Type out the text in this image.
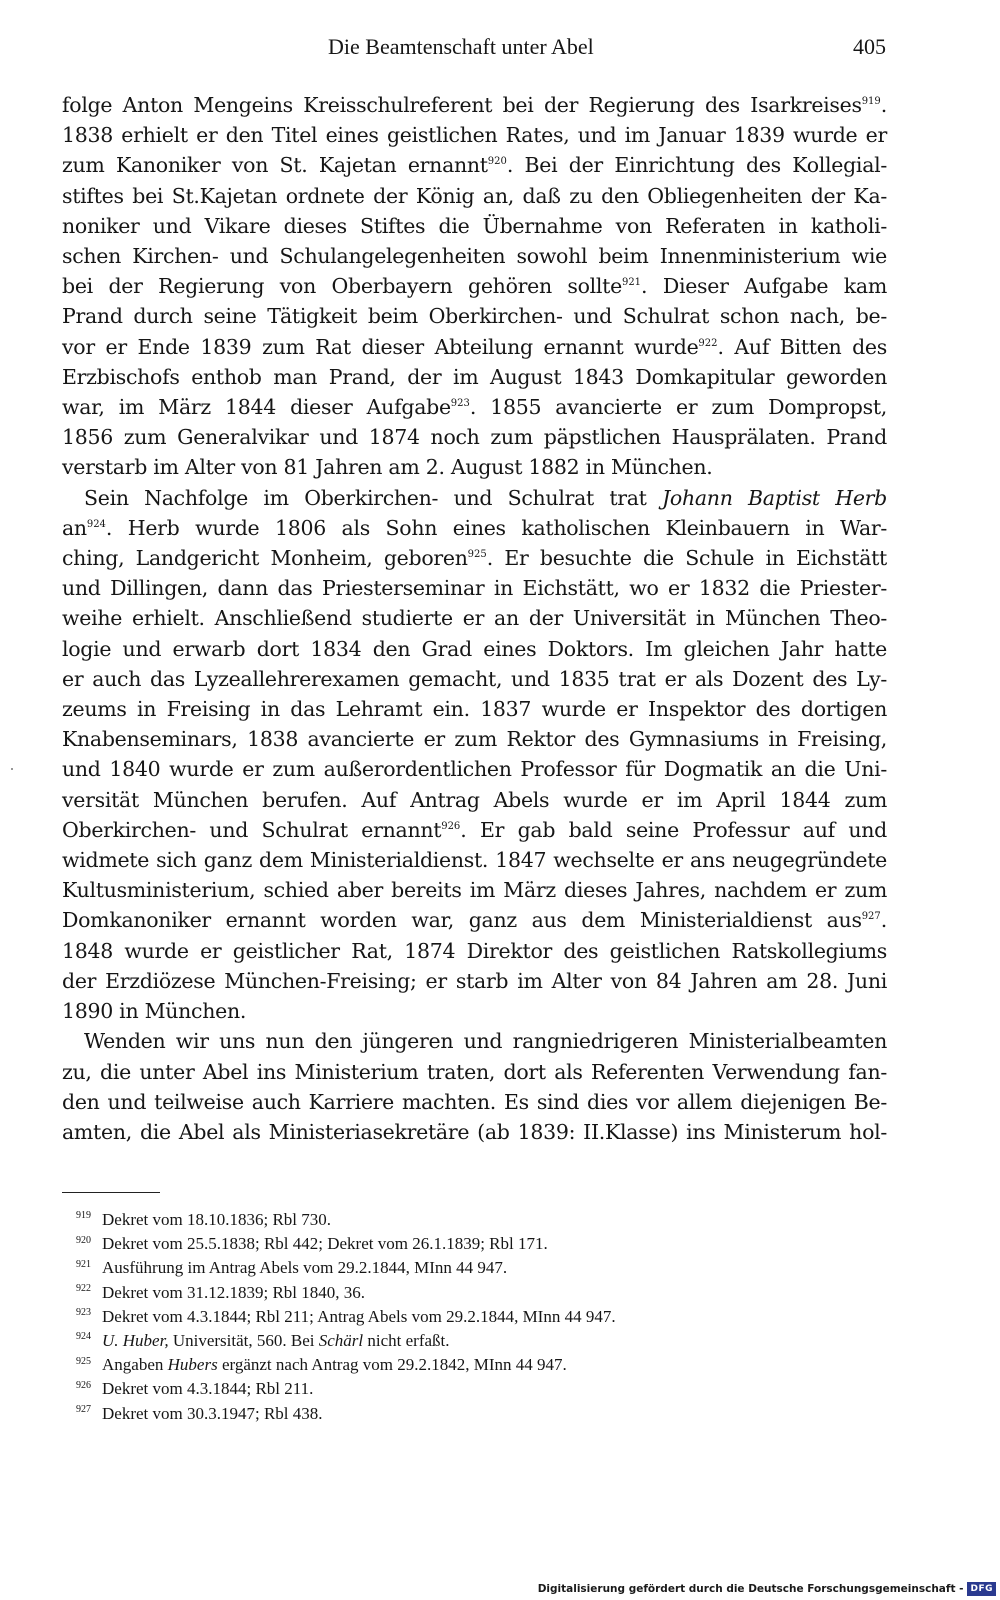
Die Beamtenschaft unter Abel	405

folge Anton Mengeins Kreisschulreferent bei der Regierung des Isarkreises$^{919}$.
1838 erhielt er den Titel eines geistlichen Rates, und im Januar 1839 wurde er
zum Kanoniker von St. Kajetan ernannt$^{920}$. Bei der Einrichtung des Kollegial-
stiftes bei St.Kajetan ordnete der König an, daß zu den Obliegenheiten der Ka-
noniker und Vikare dieses Stiftes die Übernahme von Referaten in katholi-
schen Kirchen- und Schulangelegenheiten sowohl beim Innenministerium wie
bei der Regierung von Oberbayern gehören sollte$^{921}$. Dieser Aufgabe kam
Prand durch seine Tätigkeit beim Oberkirchen- und Schulrat schon nach, be-
vor er Ende 1839 zum Rat dieser Abteilung ernannt wurde$^{922}$. Auf Bitten des
Erzbischofs enthob man Prand, der im August 1843 Domkapitular geworden
war, im März 1844 dieser Aufgabe$^{923}$. 1855 avancierte er zum Dompropst,
1856 zum Generalvikar und 1874 noch zum päpstlichen Hausprälaten. Prand
verstarb im Alter von 81 Jahren am 2. August 1882 in München.

Sein Nachfolge im Oberkirchen- und Schulrat trat Johann Baptist Herb
an$^{924}$. Herb wurde 1806 als Sohn eines katholischen Kleinbauern in War-
ching, Landgericht Monheim, geboren$^{925}$. Er besuchte die Schule in Eichstätt
und Dillingen, dann das Priesterseminar in Eichstätt, wo er 1832 die Priester-
weihe erhielt. Anschließend studierte er an der Universität in München Theo-
logie und erwarb dort 1834 den Grad eines Doktors. Im gleichen Jahr hatte
er auch das Lyzeallehrerexamen gemacht, und 1835 trat er als Dozent des Ly-
zeums in Freising in das Lehramt ein. 1837 wurde er Inspektor des dortigen
Knabenseminars, 1838 avancierte er zum Rektor des Gymnasiums in Freising,
und 1840 wurde er zum außerordentlichen Professor für Dogmatik an die Uni-
versität München berufen. Auf Antrag Abels wurde er im April 1844 zum
Oberkirchen- und Schulrat ernannt$^{926}$. Er gab bald seine Professur auf und
widmete sich ganz dem Ministerialdienst. 1847 wechselte er ans neugegründete
Kultusministerium, schied aber bereits im März dieses Jahres, nachdem er zum
Domkanoniker ernannt worden war, ganz aus dem Ministerialdienst aus$^{927}$.
1848 wurde er geistlicher Rat, 1874 Direktor des geistlichen Ratskollegiums
der Erzdiözese München-Freising; er starb im Alter von 84 Jahren am 28. Juni
1890 in München.

Wenden wir uns nun den jüngeren und rangniedrigeren Ministerialbeamten
zu, die unter Abel ins Ministerium traten, dort als Referenten Verwendung fan-
den und teilweise auch Karriere machten. Es sind dies vor allem diejenigen Be-
amten, die Abel als Ministeriasekretäre (ab 1839: II.Klasse) ins Ministerum hol-

919 Dekret vom 18.10.1836; Rbl 730.
920 Dekret vom 25.5.1838; Rbl 442; Dekret vom 26.1.1839; Rbl 171.
921 Ausführung im Antrag Abels vom 29.2.1844, MInn 44 947.
922 Dekret vom 31.12.1839; Rbl 1840, 36.
923 Dekret vom 4.3.1844; Rbl 211; Antrag Abels vom 29.2.1844, MInn 44 947.
924 U. Huber, Universität, 560. Bei Schärl nicht erfaßt.
925 Angaben Hubers ergänzt nach Antrag vom 29.2.1842, MInn 44 947.
926 Dekret vom 4.3.1844; Rbl 211.
927 Dekret vom 30.3.1947; Rbl 438.
Digitalisierung gefördert durch die Deutsche Forschungsgemeinschaft - DFG
